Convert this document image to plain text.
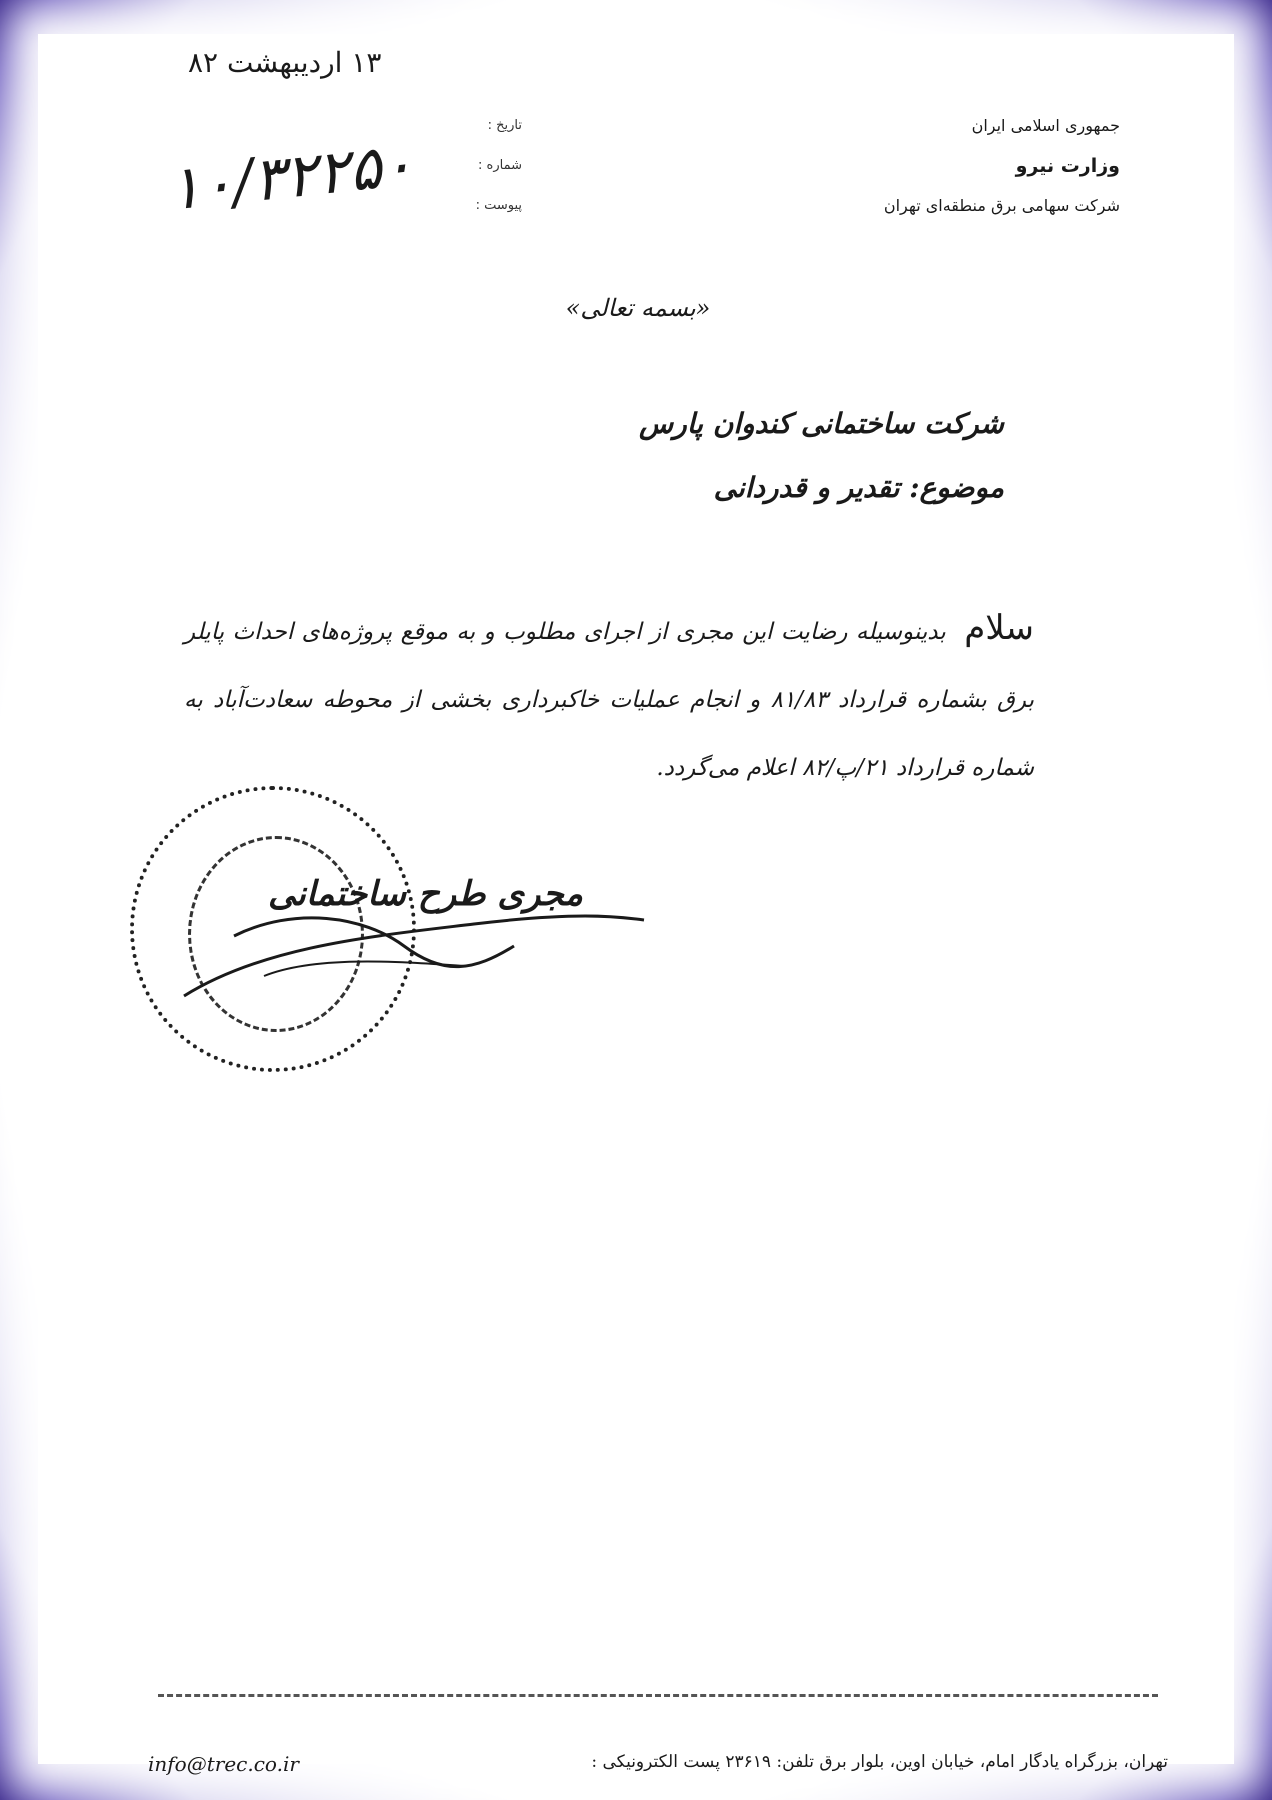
۱۳ اردیبهشت ۸۲
تاریخ :
شماره :
پیوست :
۱۰/۳۲۲۵۰
جمهوری اسلامی ایران
وزارت نیرو
شرکت سهامی برق منطقه‌ای تهران
«بسمه تعالی»
شرکت ساختمانی کندوان پارس
موضوع: تقدیر و قدردانی
سلام بدینوسیله رضایت این مجری از اجرای مطلوب و به موقع پروژه‌های احداث پایلر برق بشماره قرارداد ۸۱/۸۳ و انجام عملیات خاکبرداری بخشی از محوطه سعادت‌آباد به شماره قرارداد ۲۱/پ/۸۲ اعلام می‌گردد.
مجری طرح ساختمانی
تهران، بزرگراه یادگار امام، خیابان اوین، بلوار برق تلفن: ۲۳۶۱۹ پست الکترونیکی :
info@trec.co.ir
